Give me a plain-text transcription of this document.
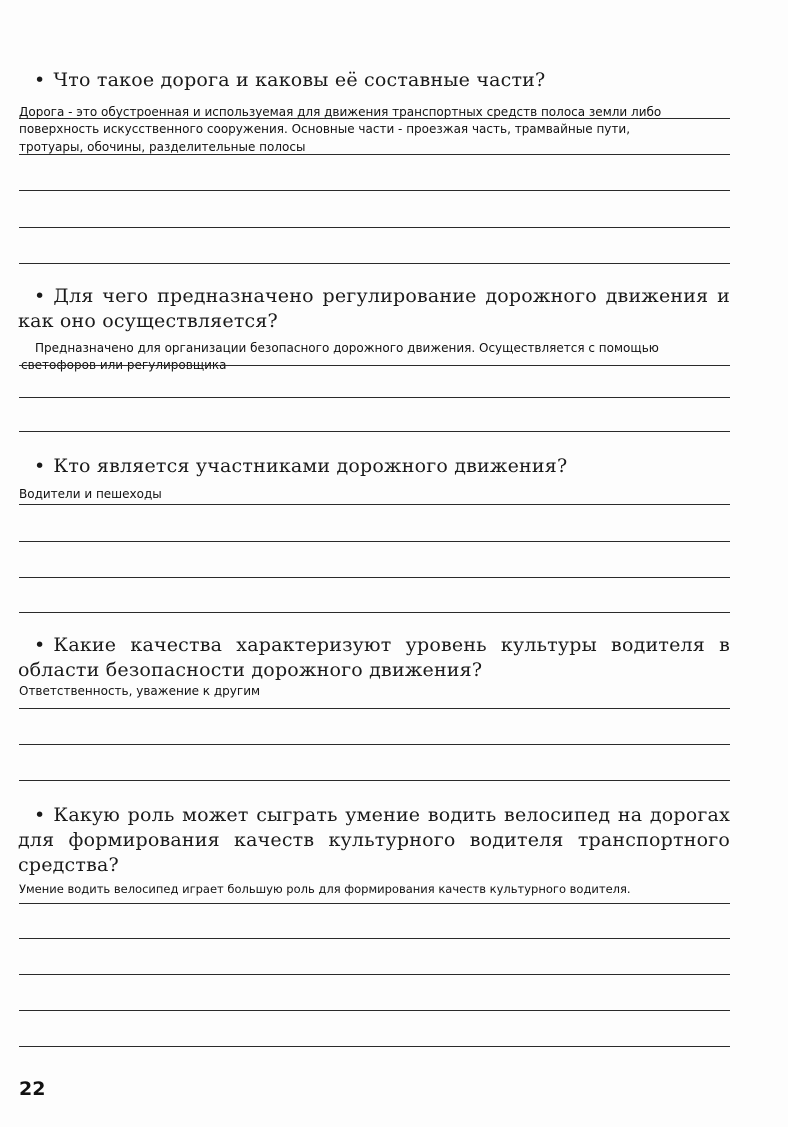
• Что такое дорога и каковы её составные части?
Дорога - это обустроенная и используемая для движения транспортных средств полоса земли либо
поверхность искусственного сооружения. Основные части - проезжая часть, трамвайные пути,
тротуары, обочины, разделительные полосы
• Для чего предназначено регулирование дорожного движения и как оно осуществляется?
Предназначено для организации безопасного дорожного движения. Осуществляется с помощью
светофоров или регулировщика
• Кто является участниками дорожного движения?
Водители и пешеходы
• Какие качества характеризуют уровень культуры водителя в области безопасности дорожного движения?
Ответственность, уважение к другим
• Какую роль может сыграть умение водить велосипед на дорогах для формирования качеств культурного водителя транспортного средства?
Умение водить велосипед играет большую роль для формирования качеств культурного водителя.
22
